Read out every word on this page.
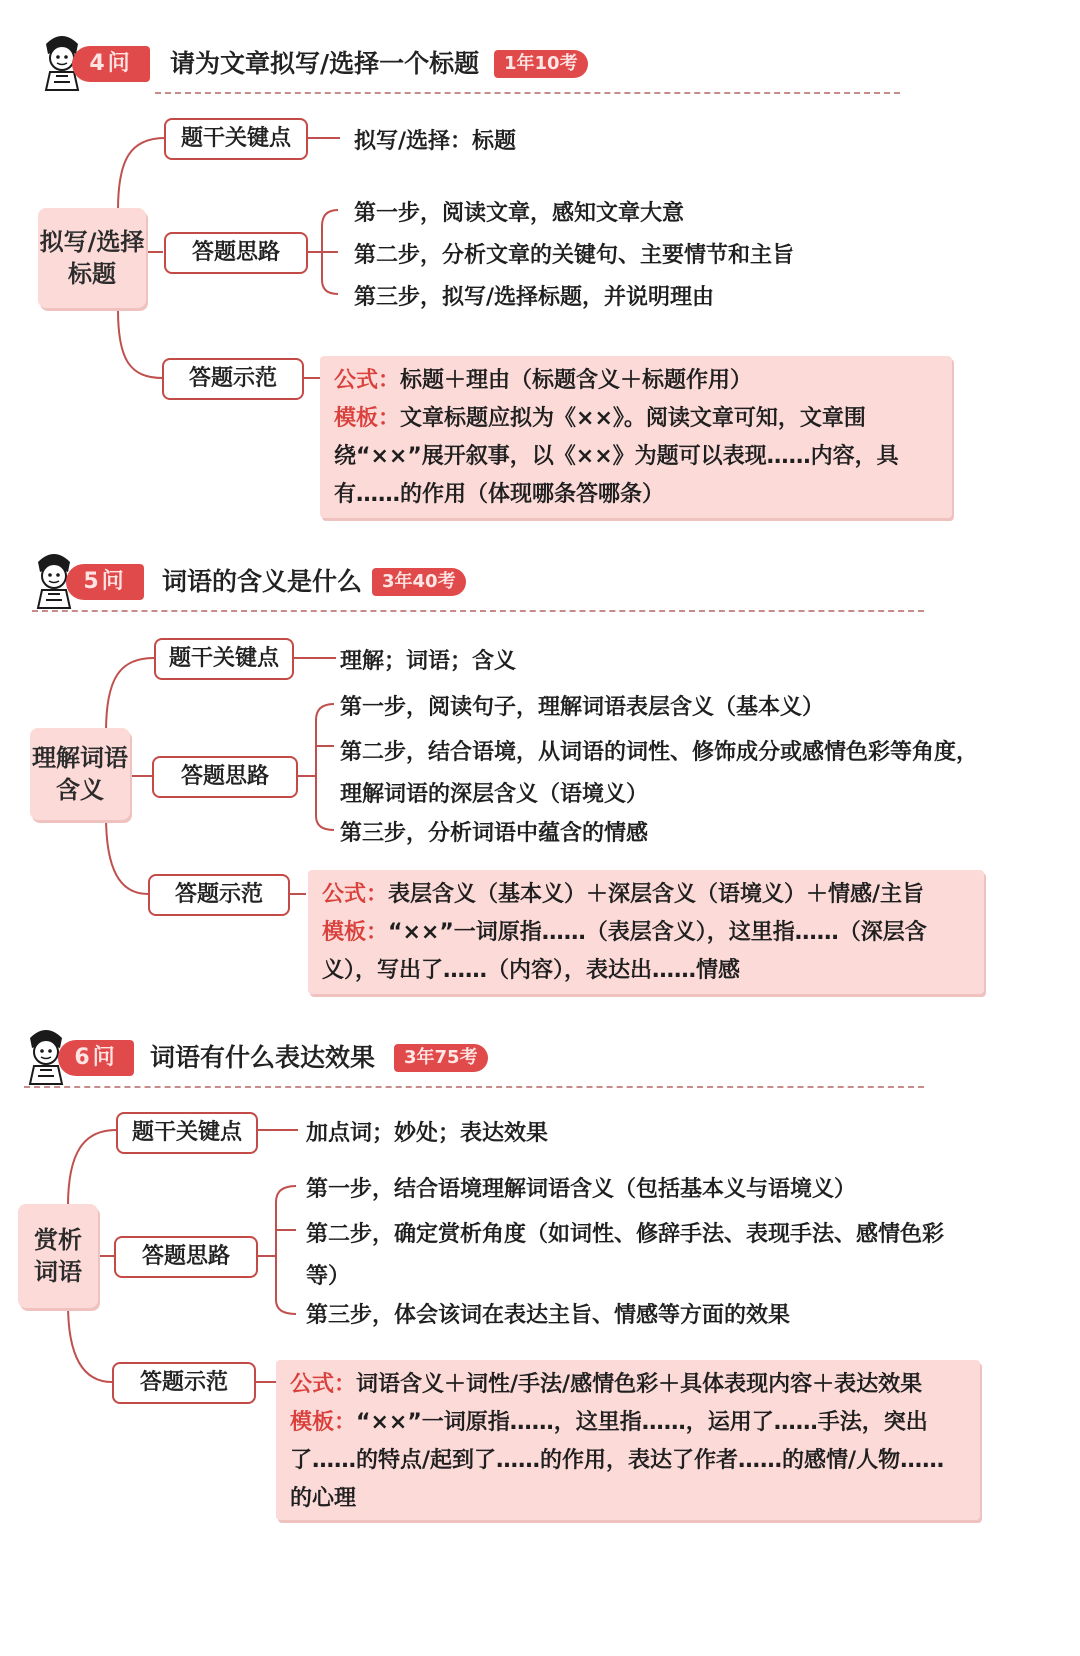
4问	请为文章拟写/选择一个标题	1年10考
拟写/选择标题
题干关键点	拟写/选择：标题
答题思路
第一步，阅读文章，感知文章大意
第二步，分析文章的关键句、主要情节和主旨
第三步，拟写/选择标题，并说明理由
答题示范	公式：标题＋理由（标题含义＋标题作用）
模板：文章标题应拟为《××》。阅读文章可知，文章围绕“××”展开叙事，以《××》为题可以表现……内容，具有……的作用（体现哪条答哪条）
5问	词语的含义是什么	3年40考
理解词语含义
题干关键点	理解；词语；含义
答题思路
第一步，阅读句子，理解词语表层含义（基本义）
第二步，结合语境，从词语的词性、修饰成分或感情色彩等角度，理解词语的深层含义（语境义）
第三步，分析词语中蕴含的情感
答题示范	公式：表层含义（基本义）＋深层含义（语境义）＋情感/主旨
模板：“××”一词原指……（表层含义），这里指……（深层含义），写出了……（内容），表达出……情感
6问	词语有什么表达效果	3年75考
赏析词语
题干关键点	加点词；妙处；表达效果
答题思路
第一步，结合语境理解词语含义（包括基本义与语境义）
第二步，确定赏析角度（如词性、修辞手法、表现手法、感情色彩等）
第三步，体会该词在表达主旨、情感等方面的效果
答题示范	公式：词语含义＋词性/手法/感情色彩＋具体表现内容＋表达效果
模板：“××”一词原指……，这里指……，运用了……手法，突出了……的特点/起到了……的作用，表达了作者……的感情/人物……的心理
